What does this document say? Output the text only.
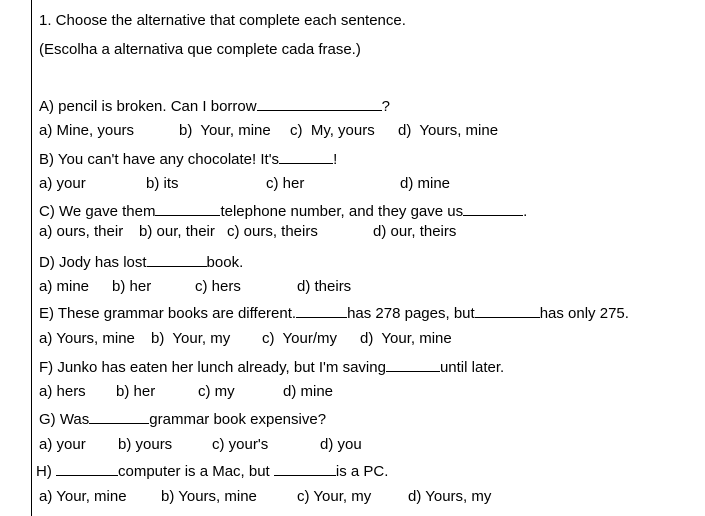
1. Choose the alternative that complete each sentence.
(Escolha a alternativa que complete cada frase.)
A) pencil is broken. Can I borrow	?
a) Mine, yours	b)  Your, mine c)  My, yours d)  Yours, mine
B) You can't have any chocolate! It's	!
a) your	b) its	c) her	d) mine
C) We gave them	telephone number, and they gave us	.
a) ours, their b) our, their c) ours, theirs	d) our, theirs
D) Jody has lost	book.
a) mine b) her	c) hers	d) theirs
E) These grammar books are different.	has 278 pages, but	has only 275.
a) Yours, mine b)  Your, my c)  Your/my d)  Your, mine
F) Junko has eaten her lunch already, but I'm saving	until later.
a) hers b) her	c) my	d) mine
G) Was	grammar book expensive?
a) your b) yours	c) your's	d) you
H)	computer is a Mac, but	is a PC.
a) Your, mine b) Yours, mine	c) Your, my d) Yours, my
